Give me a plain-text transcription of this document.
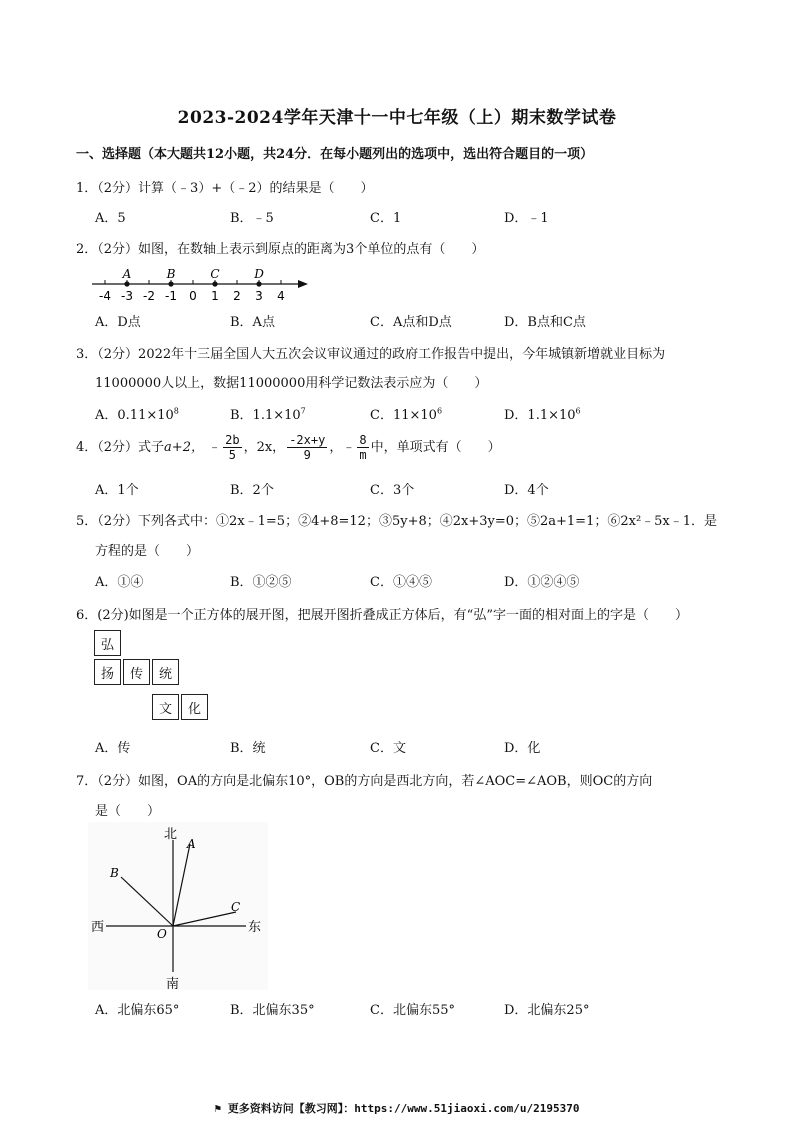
2023-2024学年天津十一中七年级（上）期末数学试卷
一、选择题（本大题共12小题，共24分．在每小题列出的选项中，选出符合题目的一项）
1．（2分）计算（﹣3）+（﹣2）的结果是（　　）
A．5	B．﹣5	C．1	D．﹣1
2．（2分）如图，在数轴上表示到原点的距离为3个单位的点有（　　）
-4 -3 -2 -1 0 1 2 3 4
A	B	C	D
A．D点	B．A点	C．A点和D点	D．B点和C点
3．（2分）2022年十三届全国人大五次会议审议通过的政府工作报告中提出，今年城镇新增就业目标为
11000000人以上，数据11000000用科学记数法表示应为（　　）
A．$0.11\times 10^8$	B．$1.1\times 10^7$	C．$11\times 10^6$	D．$1.1\times 10^6$
4．（2分）式子a+2， ﹣ $\frac{2b}{5}$ ，2x， $\frac{-2x+y}{9}$ ，﹣ $\frac{8}{m}$ 中，单项式有（　　）
A．1个	B．2个	C．3个	D．4个
5．（2分）下列各式中：①2x﹣1=5；②4+8=12；③5y+8；④2x+3y=0；⑤2a+1=1；⑥2x²﹣5x﹣1．是
方程的是（　　）
A．①④	B．①②⑤	C．①④⑤	D．①②④⑤
6．(2分)如图是一个正方体的展开图，把展开图折叠成正方体后，有“弘”字一面的相对面上的字是（　　）
弘
扬	传	统
文	化
A．传	B．统	C．文	D．化
7．（2分）如图，OA的方向是北偏东10°，OB的方向是西北方向，若∠AOC=∠AOB，则OC的方向
是（　　）
北
南
西	东
A
B
C
O
A．北偏东65°	B．北偏东35°	C．北偏东55°	D．北偏东25°
⚑ 更多资料访问【教习网】：https://www.51jiaoxi.com/u/2195370
